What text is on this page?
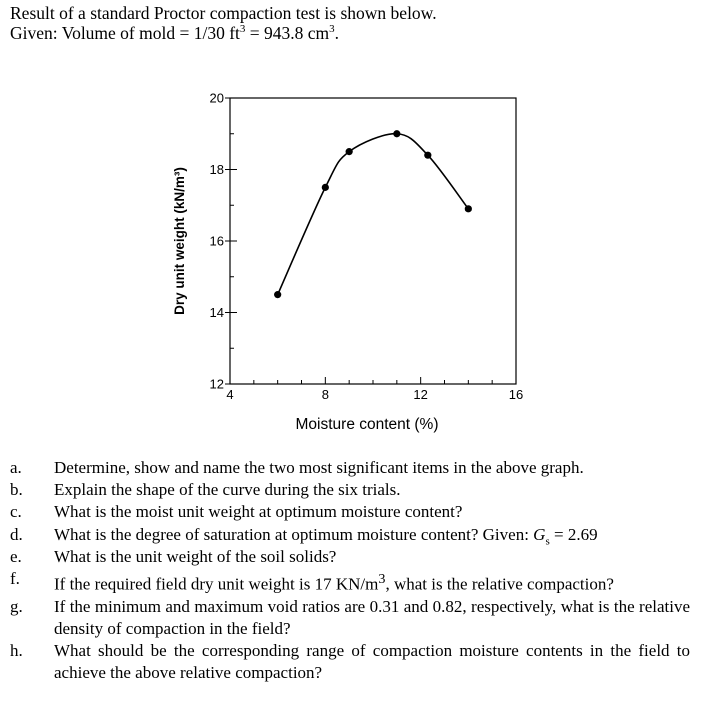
Result of a standard Proctor compaction test is shown below.
Given: Volume of mold = 1/30 $ft^3 = 943.8$ $cm^3$.
4	8	12	16
12
14
16
18
20
Moisture content (%)
Dry unit weight (kN/m³)
a.	Determine, show and name the two most significant items in the above graph.
b.	Explain the shape of the curve during the six trials.
c.	What is the moist unit weight at optimum moisture content?
d.	What is the degree of saturation at optimum moisture content? Given: $G_s = 2.69$
e.	What is the unit weight of the soil solids?
f.	If the required field dry unit weight is 17 $KN/m^3$, what is the relative compaction?
g.	If the minimum and maximum void ratios are 0.31 and 0.82, respectively, what is the relative density of compaction in the field?
h.	What should be the corresponding range of compaction moisture contents in the field to achieve the above relative compaction?
